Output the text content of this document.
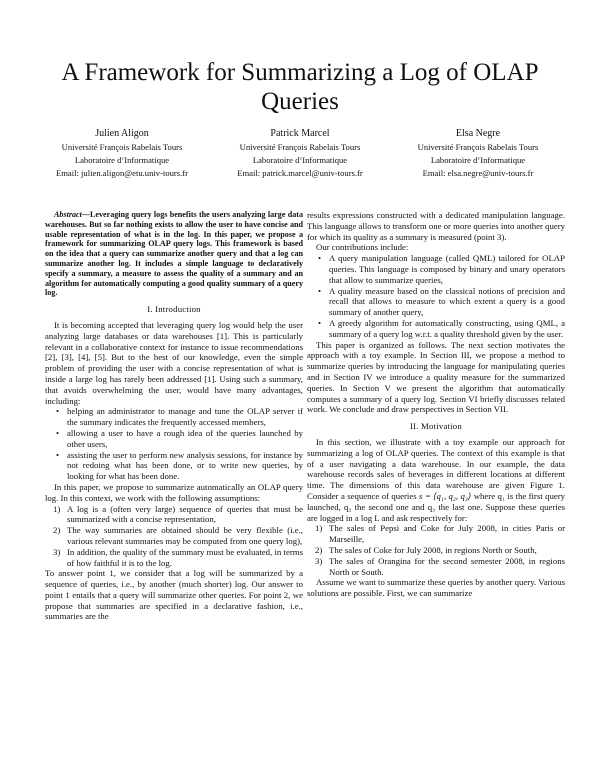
A Framework for Summarizing a Log of OLAP Queries
Julien Aligon
Université François Rabelais Tours
Laboratoire d’Informatique
Email: julien.aligon@etu.univ-tours.fr
Patrick Marcel
Université François Rabelais Tours
Laboratoire d’Informatique
Email: patrick.marcel@univ-tours.fr
Elsa Negre
Université François Rabelais Tours
Laboratoire d’Informatique
Email: elsa.negre@univ-tours.fr

Abstract—Leveraging query logs benefits the users analyzing large data warehouses. But so far nothing exists to allow the user to have concise and usable representation of what is in the log. In this paper, we propose a framework for summarizing OLAP query logs. This framework is based on the idea that a query can summarize another query and that a log can summarize another log. It includes a simple language to declaratively specify a summary, a measure to assess the quality of a summary and an algorithm for automatically computing a good quality summary of a query log.

I. Introduction

It is becoming accepted that leveraging query log would help the user analyzing large databases or data warehouses [1]. This is particularly relevant in a collaborative context for instance to issue recommendations [2], [3], [4], [5]. But to the best of our knowledge, even the simple problem of providing the user with a concise representation of what is inside a large log has rarely been addressed [1]. Using such a summary, that avoids overwhelming the user, would have many advantages, including:

• helping an administrator to manage and tune the OLAP server if the summary indicates the frequently accessed members,
• allowing a user to have a rough idea of the queries launched by other users,
• assisting the user to perform new analysis sessions, for instance by not redoing what has been done, or to write new queries, by looking for what has been done.

In this paper, we propose to summarize automatically an OLAP query log. In this context, we work with the following assumptions:

1) A log is a (often very large) sequence of queries that must be summarized with a concise representation,
2) The way summaries are obtained should be very flexible (i.e., various relevant summaries may be computed from one query log),
3) In addition, the quality of the summary must be evaluated, in terms of how faithful it is to the log.

To answer point 1, we consider that a log will be summarized by a sequence of queries, i.e., by another (much shorter) log. Our answer to point 1 entails that a query will summarize other queries. For point 2, we propose that summaries are specified in a declarative fashion, i.e., summaries are the

results expressions constructed with a dedicated manipulation language. This language allows to transform one or more queries into another query for which its quality as a summary is measured (point 3).

Our contributions include:

• A query manipulation language (called QML) tailored for OLAP queries. This language is composed by binary and unary operators that allow to summarize queries,
• A quality measure based on the classical notions of precision and recall that allows to measure to which extent a query is a good summary of another query,
• A greedy algorithm for automatically constructing, using QML, a summary of a query log w.r.t. a quality threshold given by the user.

This paper is organized as follows. The next section motivates the approach with a toy example. In Section III, we propose a method to summarize queries by introducing the language for manipulating queries and in Section IV we introduce a quality measure for the summarized queries. In Section V we present the algorithm that automatically computes a summary of a query log. Section VI briefly discusses related work. We conclude and draw perspectives in Section VII.

II. Motivation

In this section, we illustrate with a toy example our approach for summarizing a log of OLAP queries. The context of this example is that of a user navigating a data warehouse. In our example, the data warehouse records sales of beverages in different locations at different time. The dimensions of this data warehouse are given Figure 1. Consider a sequence of queries s = ⟨q₁, q₂, q₃⟩ where q₁ is the first query launched, q₂ the second one and q₃ the last one. Suppose these queries are logged in a log L and ask respectively for:

1) The sales of Pepsi and Coke for July 2008, in cities Paris or Marseille,
2) The sales of Coke for July 2008, in regions North or South,
3) The sales of Orangina for the second semester 2008, in regions North or South.

Assume we want to summarize these queries by another query. Various solutions are possible. First, we can summarize
